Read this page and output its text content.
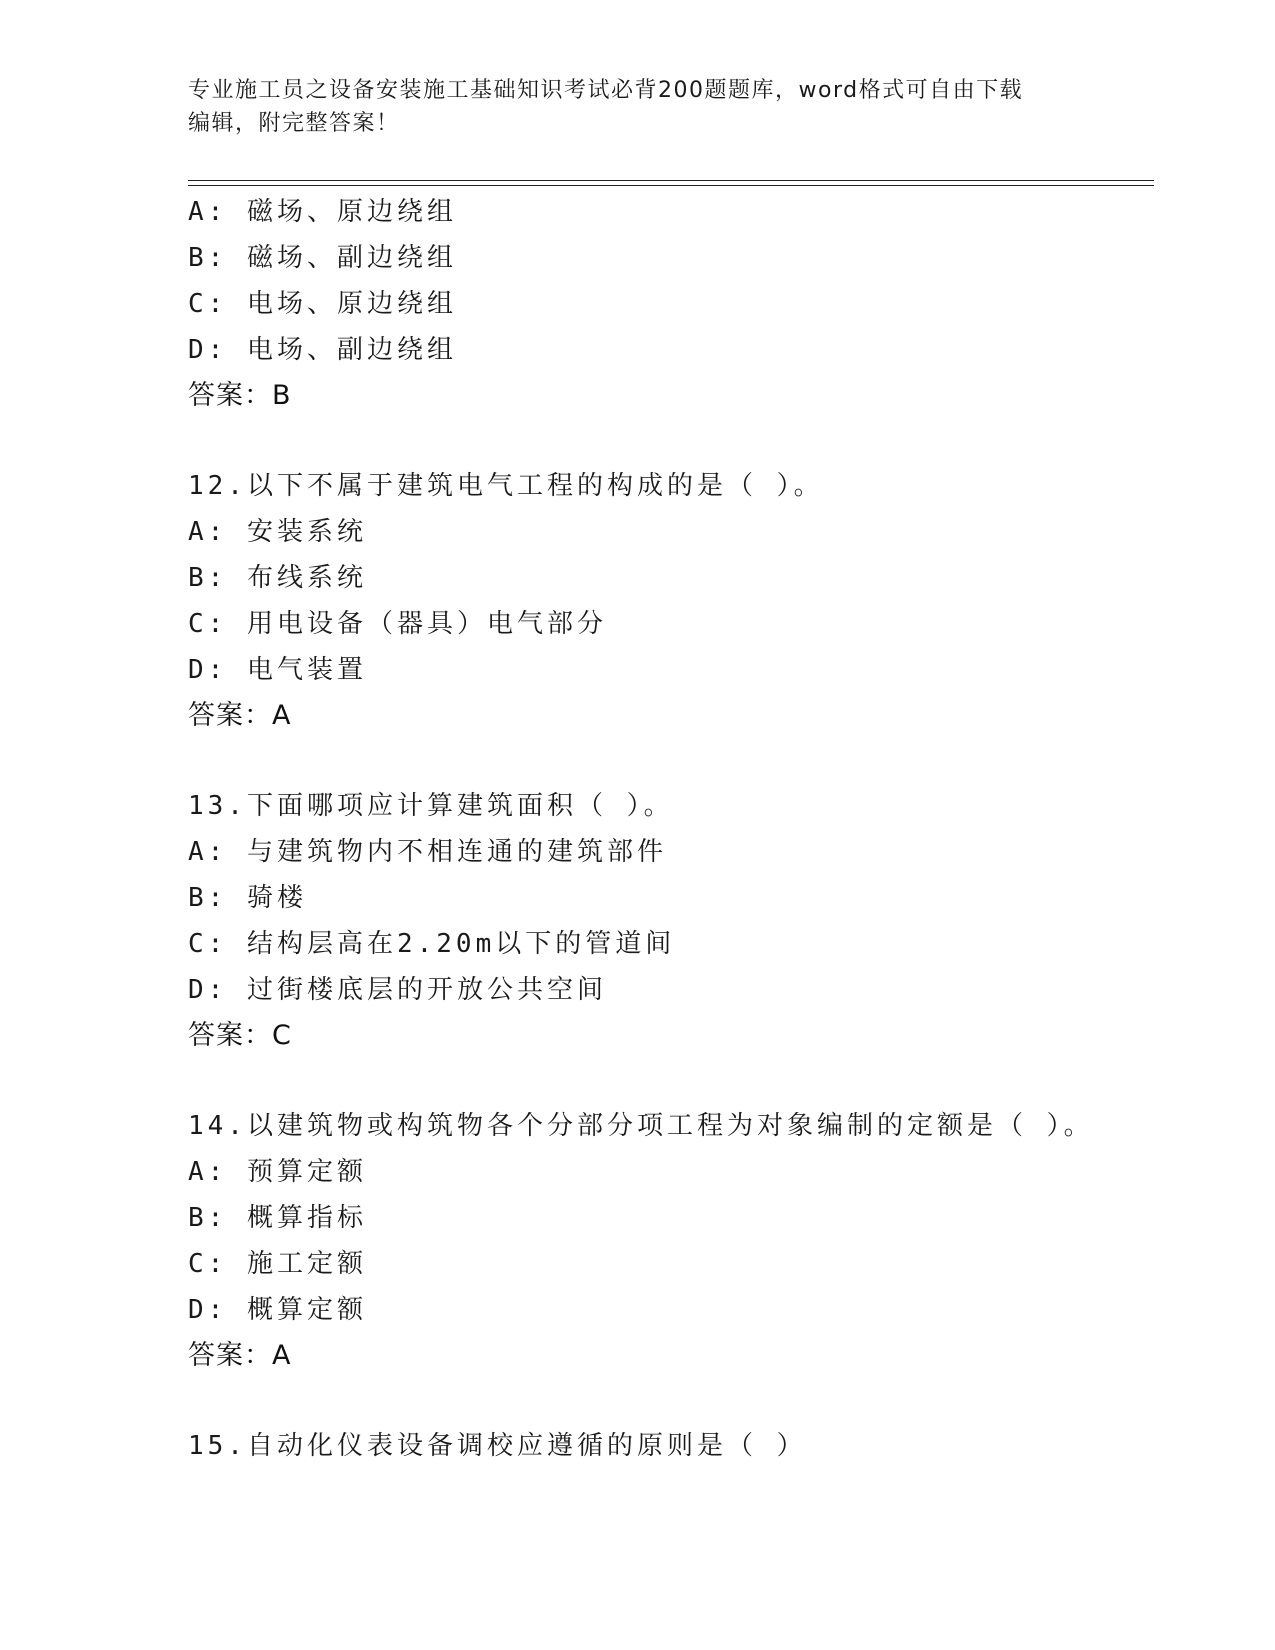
专业施工员之设备安装施工基础知识考试必背200题题库，word格式可自由下载
编辑，附完整答案！
A: 磁场、原边绕组
B: 磁场、副边绕组
C: 电场、原边绕组
D: 电场、副边绕组
答案：B
12.以下不属于建筑电气工程的构成的是（ ）。
A: 安装系统
B: 布线系统
C: 用电设备（器具）电气部分
D: 电气装置
答案：A
13.下面哪项应计算建筑面积（ ）。
A: 与建筑物内不相连通的建筑部件
B: 骑楼
C: 结构层高在2.20m以下的管道间
D: 过街楼底层的开放公共空间
答案：C
14.以建筑物或构筑物各个分部分项工程为对象编制的定额是（ ）。
A: 预算定额
B: 概算指标
C: 施工定额
D: 概算定额
答案：A
15.自动化仪表设备调校应遵循的原则是（ ）
